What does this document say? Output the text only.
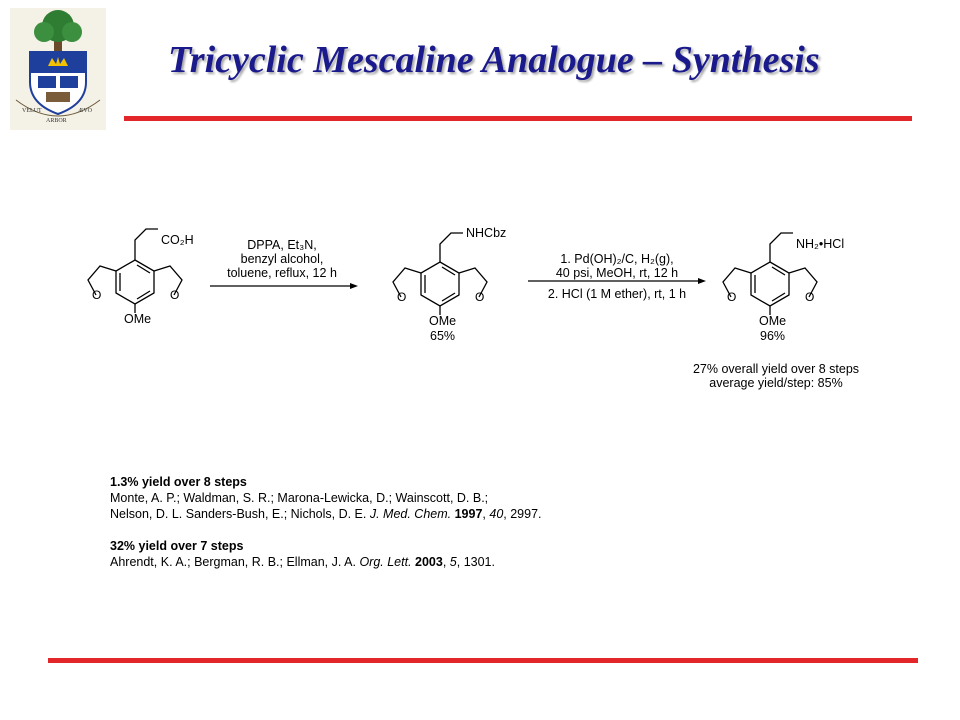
VELUT
ARBOR
ÆVO
Tricyclic Mescaline Analogue – Synthesis
O	O	O	O	O	O
CO₂H
OMe
NHCbz
OMe
65%
NH₂•HCl
OMe
96%
DPPA, Et₃N,
benzyl alcohol,
toluene, reflux, 12 h
1. Pd(OH)₂/C, H₂(g),
40 psi, MeOH, rt, 12 h
2. HCl (1 M ether), rt, 1 h
27% overall yield over 8 steps
average yield/step: 85%

1.3% yield over 8 steps

Monte, A. P.; Waldman, S. R.; Marona-Lewicka, D.; Wainscott, D. B.;

Nelson, D. L. Sanders-Bush, E.; Nichols, D. E. J. Med. Chem. 1997, 40, 2997.

32% yield over 7 steps

Ahrendt, K. A.; Bergman, R. B.; Ellman, J. A. Org. Lett. 2003, 5, 1301.
